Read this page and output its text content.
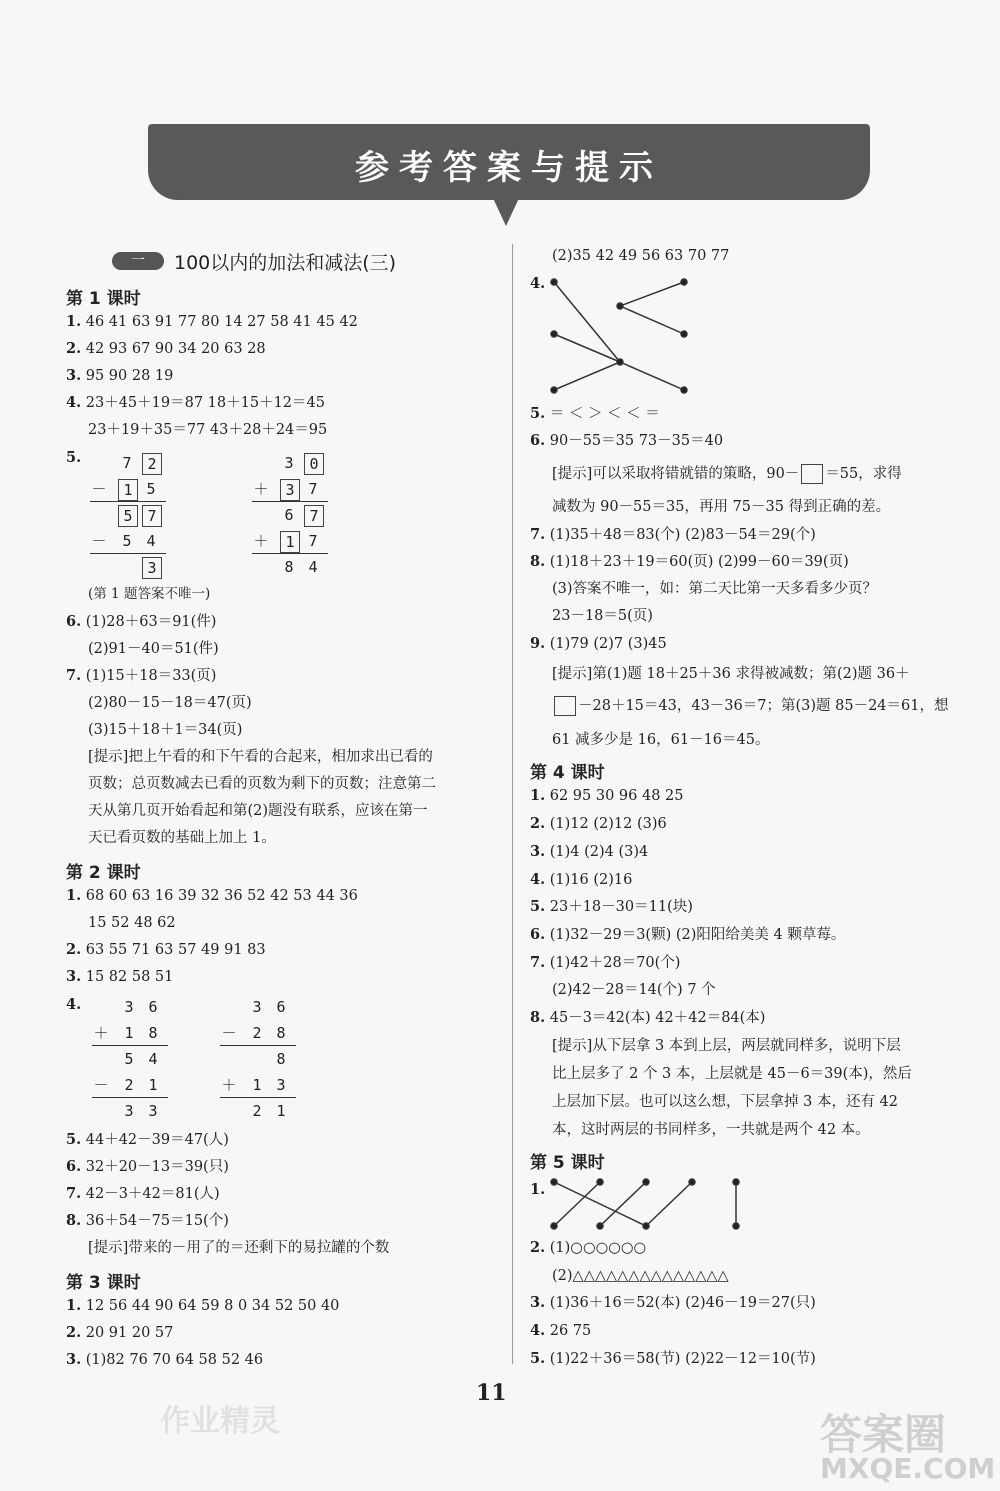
参考答案与提示
一	100以内的加法和减法(三)
第 1 课时
1. 46 41 63 91 77 80 14 27 58 41 45 42
2. 42 93 67 90 34 20 63 28
3. 95 90 28 19
4. 23＋45＋19＝87 18＋15＋12＝45
23＋19＋35＝77 43＋28＋24＝95
5.	7	2
－	1 5
5 7
－ 5 4
3
3	0
＋	3 7
6	7
＋	1 7
8 4
(第 1 题答案不唯一)
6. (1)28＋63＝91(件)
(2)91－40＝51(件)
7. (1)15＋18＝33(页)
(2)80－15－18＝47(页)
(3)15＋18＋1＝34(页)
[提示]把上午看的和下午看的合起来，相加求出已看的
页数；总页数减去已看的页数为剩下的页数；注意第二
天从第几页开始看起和第(2)题没有联系，应该在第一
天已看页数的基础上加上 1。
第 2 课时
1. 68 60 63 16 39 32 36 52 42 53 44 36
15 52 48 62
2. 63 55 71 63 57 49 91 83
3. 15 82 58 51
4.	3 6
＋ 1 8
5 4
－ 2 1
3 3
3 6
－ 2 8
8
＋ 1 3
2 1
5. 44＋42－39＝47(人)
6. 32＋20－13＝39(只)
7. 42－3＋42＝81(人)
8. 36＋54－75＝15(个)
[提示]带来的－用了的＝还剩下的易拉罐的个数
第 3 课时
1. 12 56 44 90 64 59 8 0 34 52 50 40
2. 20 91 20 57
3. (1)82 76 70 64 58 52 46
(2)35 42 49 56 63 70 77
4.
5. ＝ ＜ ＞ ＜ ＜ ＝
6. 90－55＝35 73－35＝40
[提示]可以采取将错就错的策略，90－ ＝55，求得
减数为 90－55＝35，再用 75－35 得到正确的差。
7. (1)35＋48＝83(个) (2)83－54＝29(个)
8. (1)18＋23＋19＝60(页) (2)99－60＝39(页)
(3)答案不唯一，如：第二天比第一天多看多少页？
23－18＝5(页)
9. (1)79 (2)7 (3)45
[提示]第(1)题 18＋25＋36 求得被减数；第(2)题 36＋
－28＋15＝43，43－36＝7；第(3)题 85－24＝61，想
61 减多少是 16，61－16＝45。
第 4 课时
1. 62 95 30 96 48 25
2. (1)12 (2)12 (3)6
3. (1)4 (2)4 (3)4
4. (1)16 (2)16
5. 23＋18－30＝11(块)
6. (1)32－29＝3(颗) (2)阳阳给美美 4 颗草莓。
7. (1)42＋28＝70(个)
(2)42－28＝14(个) 7 个
8. 45－3＝42(本) 42＋42＝84(本)
[提示]从下层拿 3 本到上层，两层就同样多，说明下层
比上层多了 2 个 3 本，上层就是 45－6＝39(本)，然后
上层加下层。也可以这么想，下层拿掉 3 本，还有 42
本，这时两层的书同样多，一共就是两个 42 本。
第 5 课时
1.
2. (1)○○○○○○
(2)△△△△△△△△△△△△△△
3. (1)36＋16＝52(本) (2)46－19＝27(只)
4. 26 75
5. (1)22＋36＝58(节) (2)22－12＝10(节)
11
作业精灵	答案圈
MXQE.COM
